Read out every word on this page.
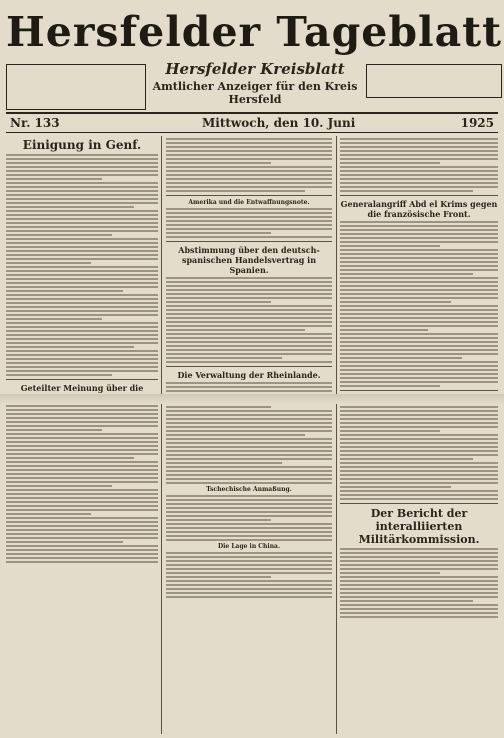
Hersfelder Tageblatt
Hersfelder Kreisblatt
Amtlicher Anzeiger für den Kreis Hersfeld
Nr. 133	Mittwoch, den 10. Juni	1925
Einigung in Genf.
Geteilter Meinung über die
Amerika und die Entwaffnungsnote.
Abstimmung über den deutsch-spanischen Handelsvertrag in Spanien.
Die Verwaltung der Rheinlande.
Tschechische Anmaßung.
Die Lage in China.
Generalangriff Abd el Krims gegen die französische Front.
Der Bericht der interalliierten Militärkommission.
